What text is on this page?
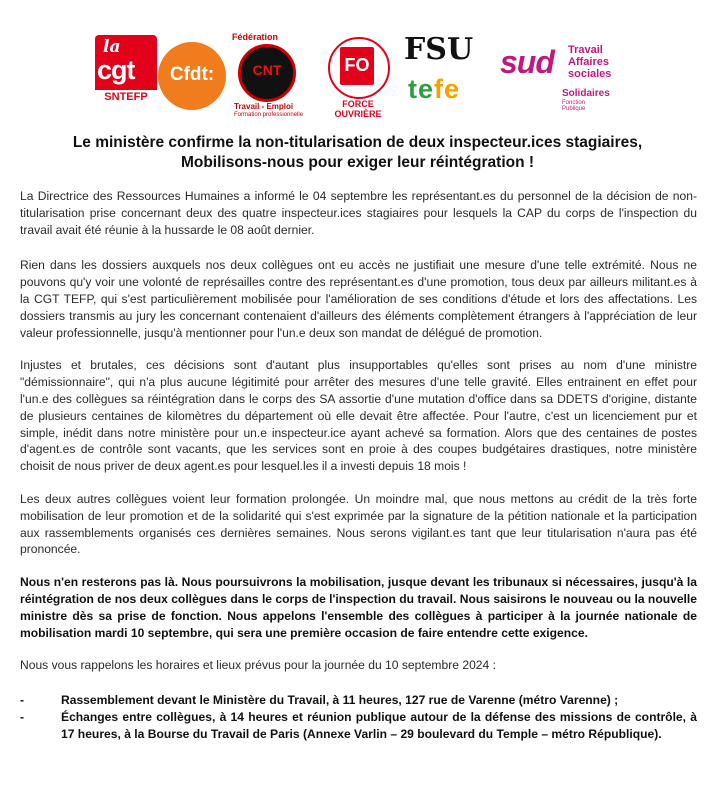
la
cgt
SNTEFP
Cfdt:
Fédération
CNT
Travail - Emploi
Formation professionnelle
FO
FORCE OUVRIÈRE
FSU
tefe
sud Travail Affaires sociales
Solidaires
Fonction Publique
Le ministère confirme la non-titularisation de deux inspecteur.ices stagiaires,
Mobilisons-nous pour exiger leur réintégration !

La Directrice des Ressources Humaines a informé le 04 septembre les représentant.es du personnel de la décision de non-titularisation prise concernant deux des quatre inspecteur.ices stagiaires pour lesquels la CAP du corps de l'inspection du travail avait été réunie à la hussarde le 08 août dernier.

Rien dans les dossiers auxquels nos deux collègues ont eu accès ne justifiait une mesure d'une telle extrémité. Nous ne pouvons qu'y voir une volonté de représailles contre des représentant.es d'une promotion, tous deux par ailleurs militant.es à la CGT TEFP, qui s'est particulièrement mobilisée pour l'amélioration de ses conditions d'étude et lors des affectations. Les dossiers transmis au jury les concernant contenaient d'ailleurs des éléments complètement étrangers à l'appréciation de leur valeur professionnelle, jusqu'à mentionner pour l'un.e deux son mandat de délégué de promotion.

Injustes et brutales, ces décisions sont d'autant plus insupportables qu'elles sont prises au nom d'une ministre "démissionnaire", qui n'a plus aucune légitimité pour arrêter des mesures d'une telle gravité. Elles entrainent en effet pour l'un.e des collègues sa réintégration dans le corps des SA assortie d'une mutation d'office dans sa DDETS d'origine, distante de plusieurs centaines de kilomètres du département où elle devait être affectée. Pour l'autre, c'est un licenciement pur et simple, inédit dans notre ministère pour un.e inspecteur.ice ayant achevé sa formation. Alors que des centaines de postes d'agent.es de contrôle sont vacants, que les services sont en proie à des coupes budgétaires drastiques, notre ministère choisit de nous priver de deux agent.es pour lesquel.les il a investi depuis 18 mois !

Les deux autres collègues voient leur formation prolongée. Un moindre mal, que nous mettons au crédit de la très forte mobilisation de leur promotion et de la solidarité qui s'est exprimée par la signature de la pétition nationale et la participation aux rassemblements organisés ces dernières semaines. Nous serons vigilant.es tant que leur titularisation n'aura pas été prononcée.

Nous n'en resterons pas là. Nous poursuivrons la mobilisation, jusque devant les tribunaux si nécessaires, jusqu'à la réintégration de nos deux collègues dans le corps de l'inspection du travail. Nous saisirons le nouveau ou la nouvelle ministre dès sa prise de fonction. Nous appelons l'ensemble des collègues à participer à la journée nationale de mobilisation mardi 10 septembre, qui sera une première occasion de faire entendre cette exigence.

Nous vous rappelons les horaires et lieux prévus pour la journée du 10 septembre 2024 :

-	Rassemblement devant le Ministère du Travail, à 11 heures, 127 rue de Varenne (métro Varenne) ;
-	Échanges entre collègues, à 14 heures et réunion publique autour de la défense des missions de contrôle, à 17 heures, à la Bourse du Travail de Paris (Annexe Varlin – 29 boulevard du Temple – métro République).
